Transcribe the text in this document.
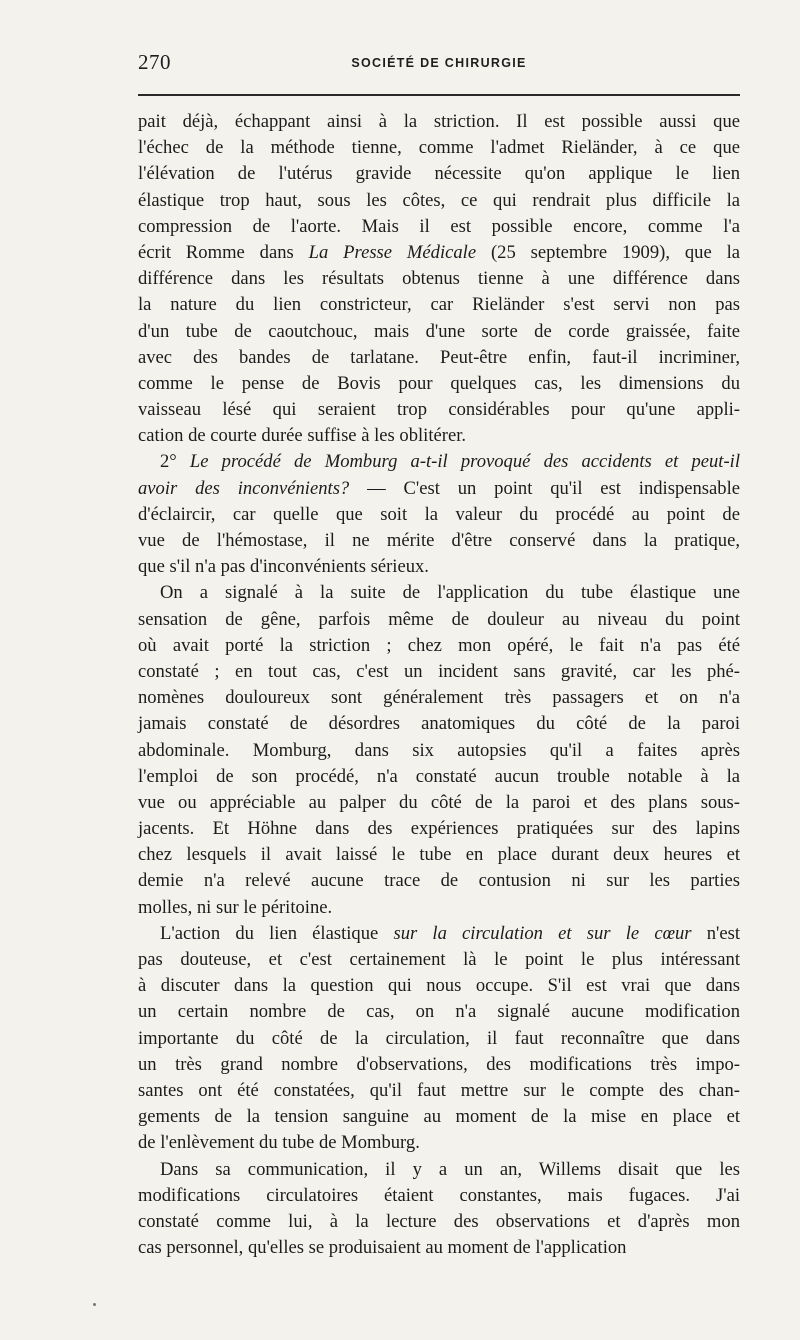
270	SOCIÉTÉ DE CHIRURGIE
pait déjà, échappant ainsi à la striction. Il est possible aussi que
l'échec de la méthode tienne, comme l'admet Rieländer, à ce que
l'élévation de l'utérus gravide nécessite qu'on applique le lien
élastique trop haut, sous les côtes, ce qui rendrait plus difficile la
compression de l'aorte. Mais il est possible encore, comme l'a
écrit Romme dans La Presse Médicale (25 septembre 1909), que la
différence dans les résultats obtenus tienne à une différence dans
la nature du lien constricteur, car Rieländer s'est servi non pas
d'un tube de caoutchouc, mais d'une sorte de corde graissée, faite
avec des bandes de tarlatane. Peut-être enfin, faut-il incriminer,
comme le pense de Bovis pour quelques cas, les dimensions du
vaisseau lésé qui seraient trop considérables pour qu'une appli-
cation de courte durée suffise à les oblitérer.
2° Le procédé de Momburg a-t-il provoqué des accidents et peut-il
avoir des inconvénients? — C'est un point qu'il est indispensable
d'éclaircir, car quelle que soit la valeur du procédé au point de
vue de l'hémostase, il ne mérite d'être conservé dans la pratique,
que s'il n'a pas d'inconvénients sérieux.
On a signalé à la suite de l'application du tube élastique une
sensation de gêne, parfois même de douleur au niveau du point
où avait porté la striction ; chez mon opéré, le fait n'a pas été
constaté ; en tout cas, c'est un incident sans gravité, car les phé-
nomènes douloureux sont généralement très passagers et on n'a
jamais constaté de désordres anatomiques du côté de la paroi
abdominale. Momburg, dans six autopsies qu'il a faites après
l'emploi de son procédé, n'a constaté aucun trouble notable à la
vue ou appréciable au palper du côté de la paroi et des plans sous-
jacents. Et Höhne dans des expériences pratiquées sur des lapins
chez lesquels il avait laissé le tube en place durant deux heures et
demie n'a relevé aucune trace de contusion ni sur les parties
molles, ni sur le péritoine.
L'action du lien élastique sur la circulation et sur le cœur n'est
pas douteuse, et c'est certainement là le point le plus intéressant
à discuter dans la question qui nous occupe. S'il est vrai que dans
un certain nombre de cas, on n'a signalé aucune modification
importante du côté de la circulation, il faut reconnaître que dans
un très grand nombre d'observations, des modifications très impo-
santes ont été constatées, qu'il faut mettre sur le compte des chan-
gements de la tension sanguine au moment de la mise en place et
de l'enlèvement du tube de Momburg.
Dans sa communication, il y a un an, Willems disait que les
modifications circulatoires étaient constantes, mais fugaces. J'ai
constaté comme lui, à la lecture des observations et d'après mon
cas personnel, qu'elles se produisaient au moment de l'application
